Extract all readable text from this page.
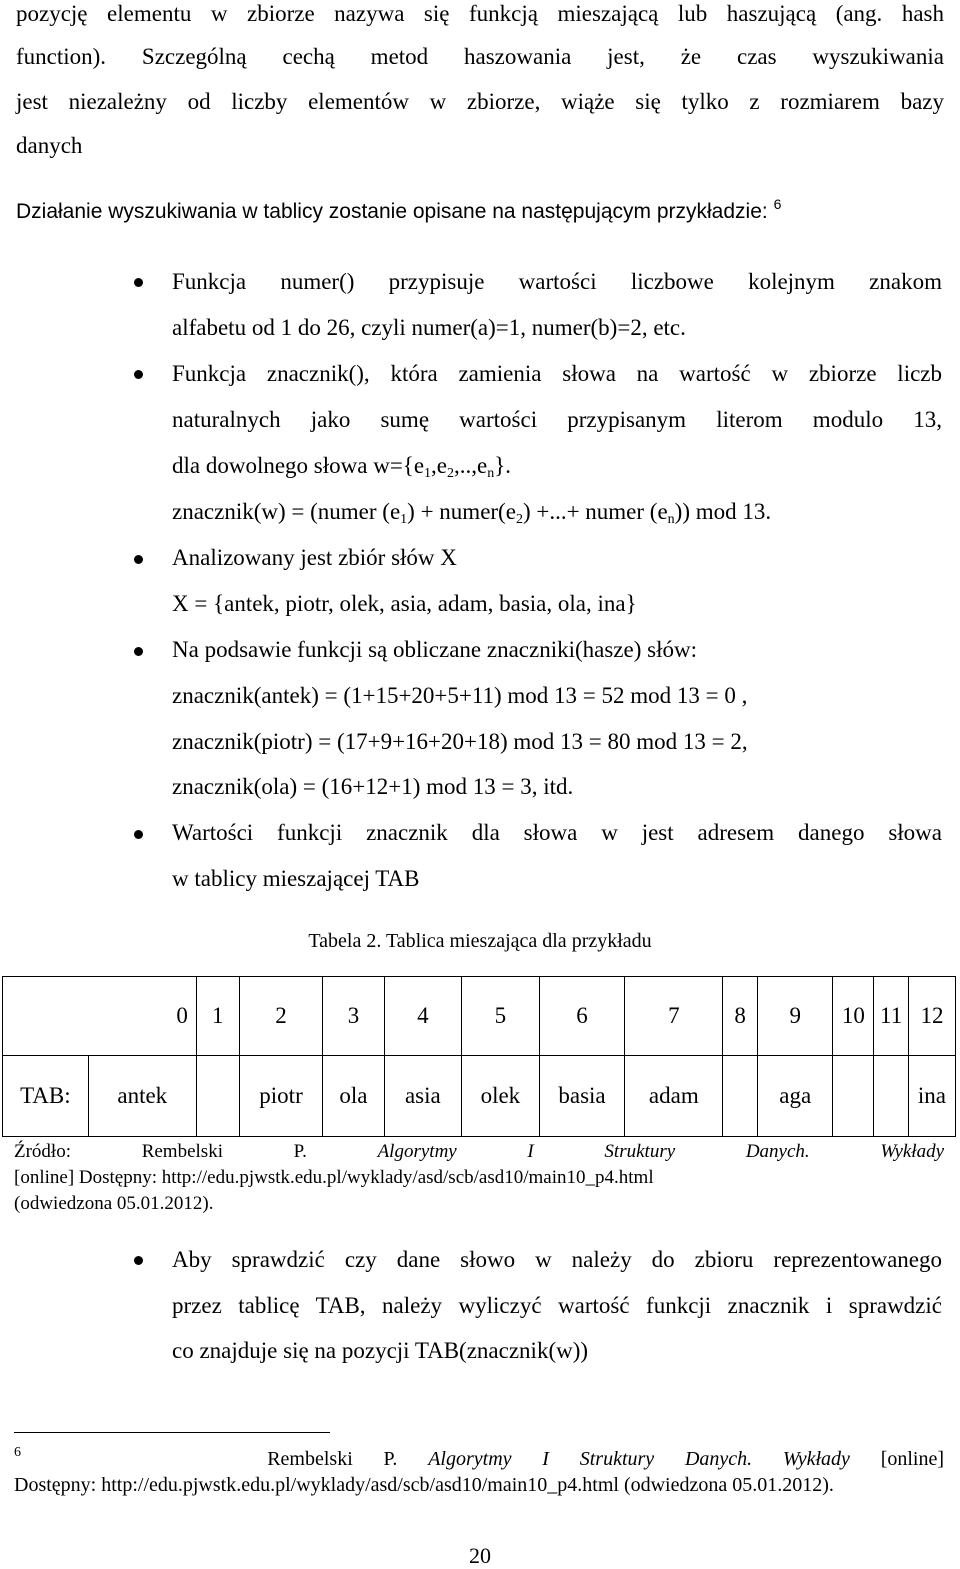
pozycję elementu w zbiorze nazywa się funkcją mieszającą lub haszującą (ang. hash
function). Szczególną cechą metod haszowania jest, że czas wyszukiwania
jest niezależny od liczby elementów w zbiorze, wiąże się tylko z rozmiarem bazy
danych
Działanie wyszukiwania w tablicy zostanie opisane na następującym przykładzie: $^6$
Funkcja numer() przypisuje wartości liczbowe kolejnym znakom
alfabetu od 1 do 26, czyli numer(a)=1, numer(b)=2, etc.
Funkcja znacznik(), która zamienia słowa na wartość w zbiorze liczb
naturalnych jako sumę wartości przypisanym literom modulo 13,
dla dowolnego słowa $w=\{e_1,e_2,..,e_n\}$.
znacznik(w) = (numer $(e_1)$ + $numer(e_2)$ +...+ numer $(e_n)$) mod 13.
Analizowany jest zbiór słów X
X = {antek, piotr, olek, asia, adam, basia, ola, ina}
Na podsawie funkcji są obliczane znaczniki(hasze) słów:
znacznik(antek) = (1+15+20+5+11) mod 13 = 52 mod 13 = 0 ,
znacznik(piotr) = (17+9+16+20+18) mod 13 = 80 mod 13 = 2,
znacznik(ola) = (16+12+1) mod 13 = 3, itd.
Wartości funkcji znacznik dla słowa w jest adresem danego słowa
w tablicy mieszającej TAB
Tabela 2. Tablica mieszająca dla przykładu
	0	1	2	3	4	5	6	7	8	9	10	11	12
TAB:	antek		piotr	ola	asia	olek	basia	adam		aga			ina
Źródło:	Rembelski P.	Algorytmy I Struktury Danych. Wykłady
[online] Dostępny: http://edu.pjwstk.edu.pl/wyklady/asd/scb/asd10/main10_p4.html
(odwiedzona 05.01.2012).
Aby sprawdzić czy dane słowo w należy do zbioru reprezentowanego
przez tablicę TAB, należy wyliczyć wartość funkcji znacznik i sprawdzić
co znajduje się na pozycji TAB(znacznik(w))
$^6$	Rembelski P. Algorytmy I Struktury Danych. Wykłady [online]
Dostępny: http://edu.pjwstk.edu.pl/wyklady/asd/scb/asd10/main10_p4.html (odwiedzona 05.01.2012).
20
